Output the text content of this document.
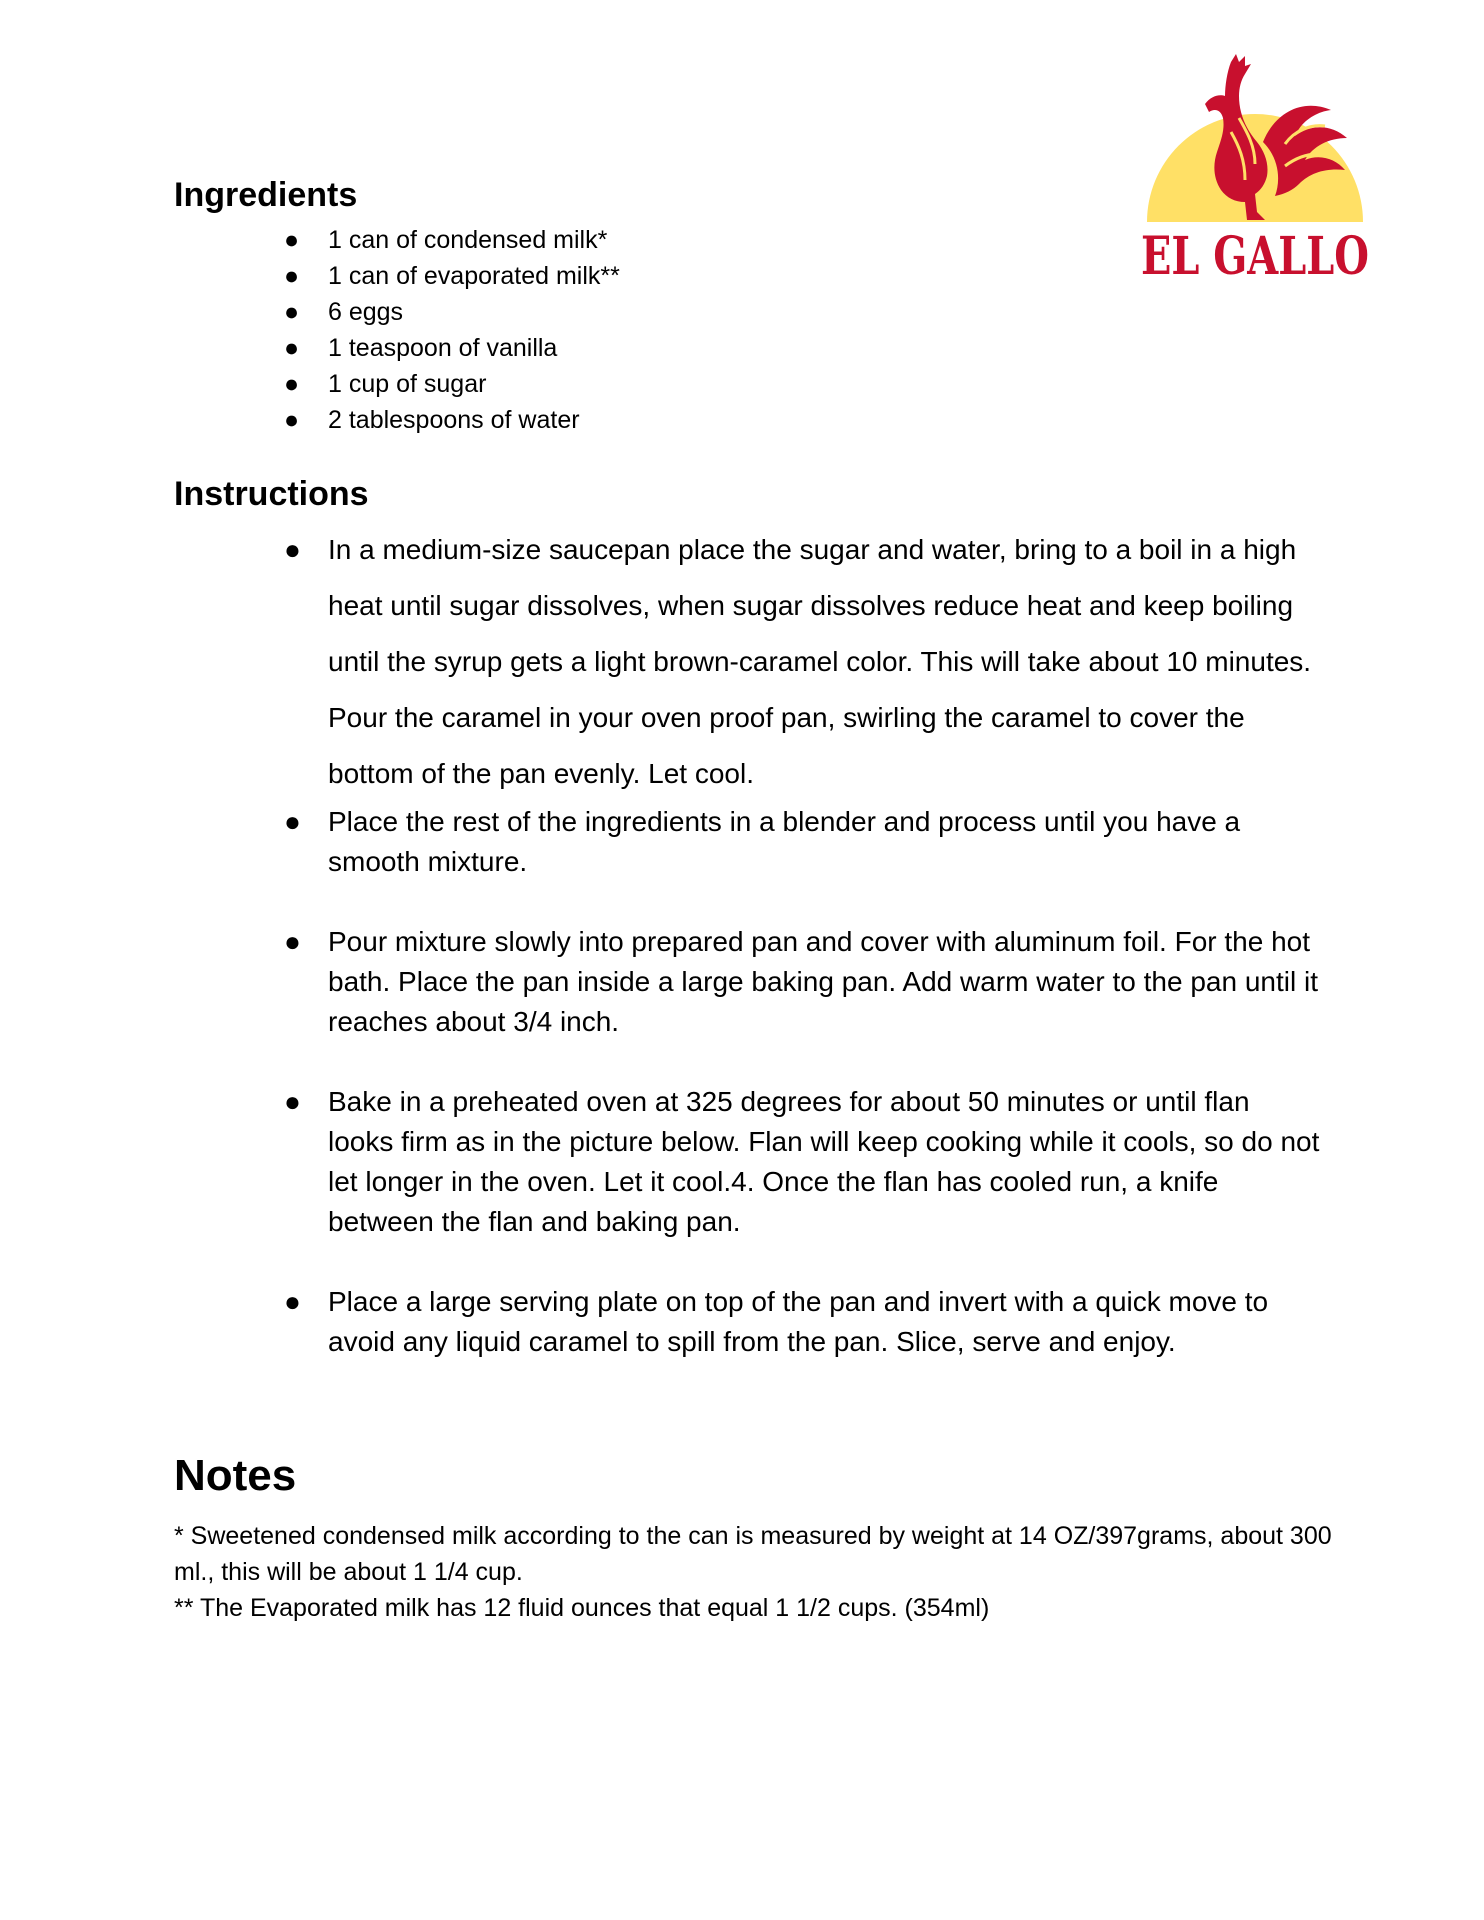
EL GALLO
Ingredients
● 1 can of condensed milk*
● 1 can of evaporated milk**
● 6 eggs
● 1 teaspoon of vanilla
● 1 cup of sugar
● 2 tablespoons of water
Instructions
● In a medium-size saucepan place the sugar and water, bring to a boil in a high heat until sugar dissolves, when sugar dissolves reduce heat and keep boiling until the syrup gets a light brown-caramel color. This will take about 10 minutes. Pour the caramel in your oven proof pan, swirling the caramel to cover the bottom of the pan evenly. Let cool.
● Place the rest of the ingredients in a blender and process until you have a smooth mixture.
● Pour mixture slowly into prepared pan and cover with aluminum foil. For the hot bath. Place the pan inside a large baking pan. Add warm water to the pan until it reaches about 3/4 inch.
● Bake in a preheated oven at 325 degrees for about 50 minutes or until flan looks firm as in the picture below. Flan will keep cooking while it cools, so do not let longer in the oven. Let it cool.4. Once the flan has cooled run, a knife between the flan and baking pan.
● Place a large serving plate on top of the pan and invert with a quick move to avoid any liquid caramel to spill from the pan. Slice, serve and enjoy.
Notes

* Sweetened condensed milk according to the can is measured by weight at 14 OZ/397grams, about 300 ml., this will be about 1 1/4 cup.

** The Evaporated milk has 12 fluid ounces that equal 1 1/2 cups. (354ml)
